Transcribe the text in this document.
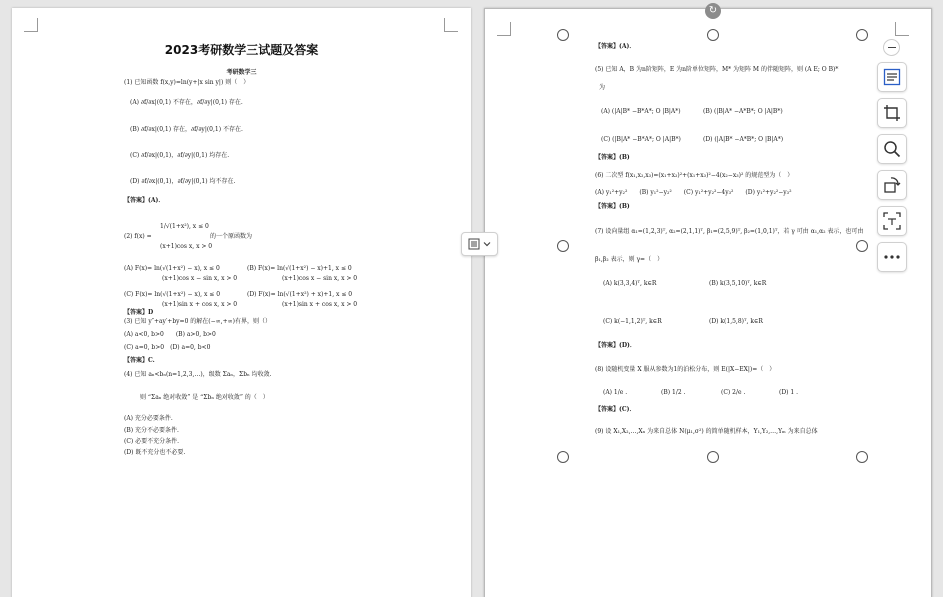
2023考研数学三试题及答案
考研数学三
(1) 已知函数 f(x,y)=ln(y+|x sin y|) 则（　）
(A) ∂f/∂x|(0,1) 不存在，∂f/∂y|(0,1) 存在.
(B) ∂f/∂x|(0,1) 存在，∂f/∂y|(0,1) 不存在.
(C) ∂f/∂x|(0,1)，∂f/∂y|(0,1) 均存在.
(D) ∂f/∂x|(0,1)，∂f/∂y|(0,1) 均不存在.
【答案】(A)．
(2) f(x) =
1/√(1+x²), x ≤ 0
(x+1)cos x, x > 0
的一个原函数为
(A) F(x)= ln(√(1+x²) − x), x ≤ 0
(x+1)cos x − sin x, x > 0
(B) F(x)= ln(√(1+x²) − x)+1, x ≤ 0
(x+1)cos x − sin x, x > 0
(C) F(x)= ln(√(1+x²) − x), x ≤ 0
(x+1)sin x + cos x, x > 0
(D) F(x)= ln(√(1+x²) + x)+1, x ≤ 0
(x+1)sin x + cos x, x > 0
【答案】D
(3) 已知 y″+ay′+by=0 的解在(−∞,+∞)有界，则（）
(A) a<0, b>0　　(B) a>0, b>0
(C) a=0, b>0　(D) a=0, b<0
【答案】C.
(4) 已知 aₙ<bₙ(n=1,2,3,…)，级数 Σaₙ，Σbₙ 均收敛.
则 “Σaₙ 绝对收敛” 是 “Σbₙ 绝对收敛” 的（　）
(A) 充分必要条件.
(B) 充分不必要条件.
(C) 必要不充分条件.
(D) 既不充分也不必要.
【答案】(A)．
(5) 已知 A，B 为n阶矩阵，E 为n阶单位矩阵，M* 为矩阵 M 的伴随矩阵，则 (A E; O B)*
为
(A) (|A|B* −B*A*; O |B|A*)	(B) (|B|A* −A*B*; O |A|B*)
(C) (|B|A* −B*A*; O |A|B*)	(D) (|A|B* −A*B*; O |B|A*)
【答案】(B)
(6) 二次型 f(x₁,x₂,x₃)=(x₁+x₂)²+(x₁+x₃)²−4(x₂−x₃)² 的规范型为（　）
(A) y₁²+y₂²　　(B) y₁²−y₂²　　(C) y₁²+y₂²−4y₃²　　(D) y₁²+y₂²−y₃²
【答案】(B)
(7) 设向量组 α₁=(1,2,3)ᵀ, α₂=(2,1,1)ᵀ, β₁=(2,5,9)ᵀ, β₂=(1,0,1)ᵀ，若 γ 可由 α₁,α₂ 表示，也可由
β₁,β₂ 表示，则 γ=（　）
(A) k(3,3,4)ᵀ, k∈R	(B) k(3,5,10)ᵀ, k∈R
(C) k(−1,1,2)ᵀ, k∈R	(D) k(1,5,8)ᵀ, k∈R
【答案】(D)．
(8) 设随机变量 X 服从参数为1的泊松分布，则 E(|X−EX|)=（　）
(A) 1/e .	(B) 1/2 .	(C) 2/e .	(D) 1 .
【答案】(C)．
(9) 设 X₁,X₂,…,Xₙ 为来自总体 N(μ₁,σ²) 的简单随机样本，Y₁,Y₂,…,Yₘ 为来自总体
↻
